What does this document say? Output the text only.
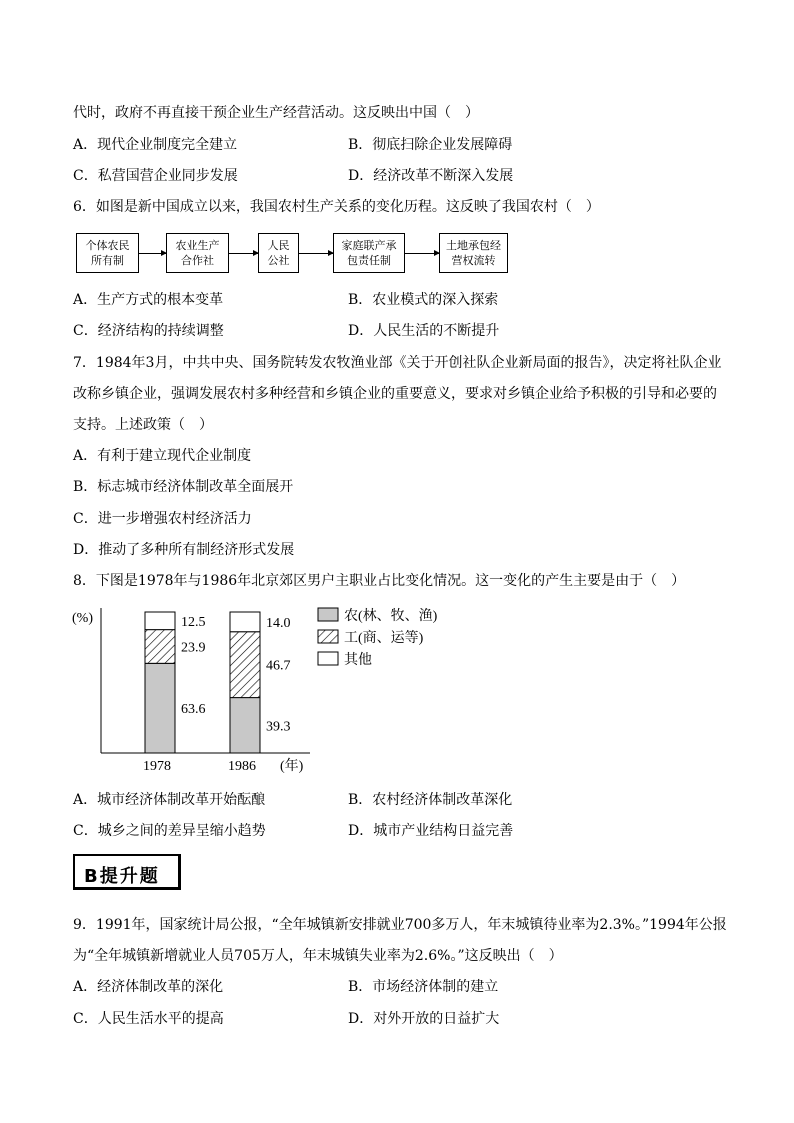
代时，政府不再直接干预企业生产经营活动。这反映出中国（　）
A．现代企业制度完全建立	B．彻底扫除企业发展障碍
C．私营国营企业同步发展	D．经济改革不断深入发展
6．如图是新中国成立以来，我国农村生产关系的变化历程。这反映了我国农村（　）
个体农民
所有制
农业生产
合作社
人民
公社
家庭联产承
包责任制
土地承包经
营权流转
A．生产方式的根本变革	B．农业模式的深入探索
C．经济结构的持续调整	D．人民生活的不断提升
7．1984年3月，中共中央、国务院转发农牧渔业部《关于开创社队企业新局面的报告》，决定将社队企业
改称乡镇企业，强调发展农村多种经营和乡镇企业的重要意义，要求对乡镇企业给予积极的引导和必要的
支持。上述政策（　）
A．有利于建立现代企业制度
B．标志城市经济体制改革全面展开
C．进一步增强农村经济活力
D．推动了多种所有制经济形式发展
8．下图是1978年与1986年北京郊区男户主职业占比变化情况。这一变化的产生主要是由于（　）
(%)
(年)
63.6
23.9
12.5
1978
39.3
46.7
14.0
1986
农(林、牧、渔)
工(商、运等)
其他
A．城市经济体制改革开始酝酿	B．农村经济体制改革深化
C．城乡之间的差异呈缩小趋势	D．城市产业结构日益完善
B提升题
9．1991年，国家统计局公报，“全年城镇新安排就业700多万人，年末城镇待业率为2.3%。”1994年公报
为“全年城镇新增就业人员705万人，年末城镇失业率为2.6%。”这反映出（　）
A．经济体制改革的深化	B．市场经济体制的建立
C．人民生活水平的提高	D．对外开放的日益扩大
